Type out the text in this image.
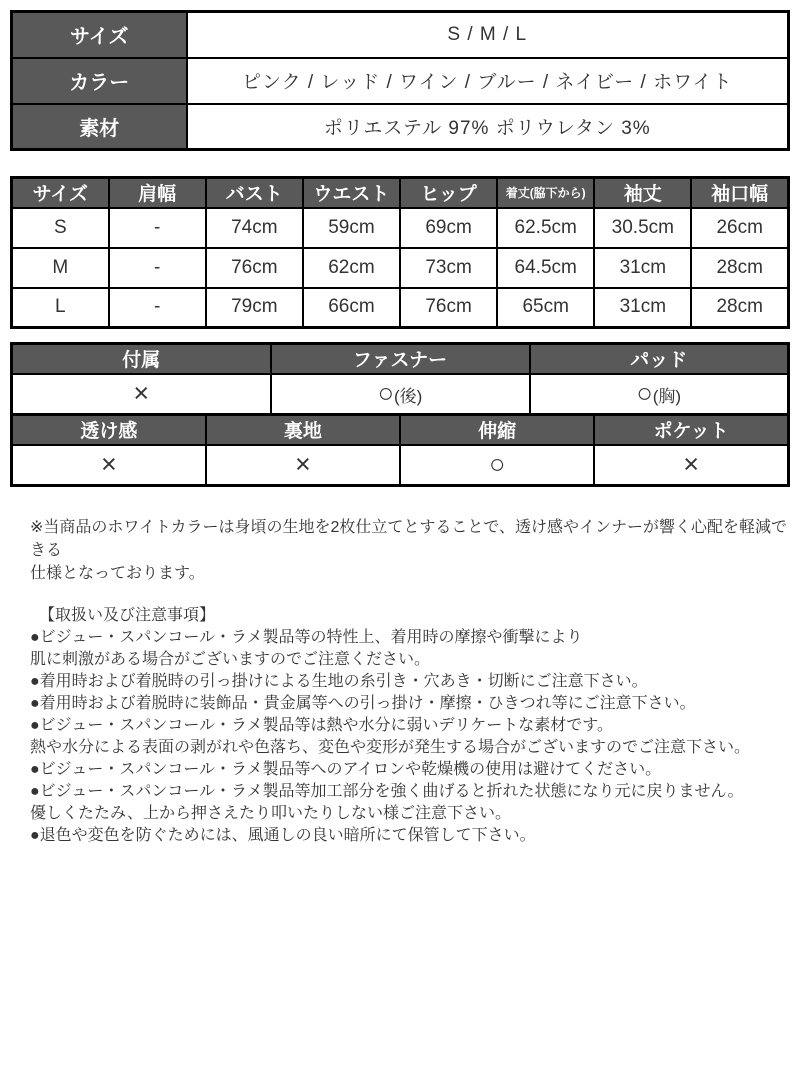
サイズ	S / M / L
カラー	ピンク / レッド / ワイン / ブルー / ネイビー / ホワイト
素材	ポリエステル 97% ポリウレタン 3%
サイズ	肩幅	バスト	ウエスト	ヒップ	着丈(脇下から)	袖丈	袖口幅
S	-	74cm	59cm	69cm	62.5cm	30.5cm	26cm
M	-	76cm	62cm	73cm	64.5cm	31cm	28cm
L	-	79cm	66cm	76cm	65cm	31cm	28cm
付属	ファスナー	パッド
×	○(後)	○(胸)
透け感	裏地	伸縮	ポケット
×	×	○	×
※当商品のホワイトカラーは身頃の生地を2枚仕立てとすることで、透け感やインナーが響く心配を軽減できる
仕様となっております。
【取扱い及び注意事項】
●ビジュー・スパンコール・ラメ製品等の特性上、着用時の摩擦や衝撃により
肌に刺激がある場合がございますのでご注意ください。
●着用時および着脱時の引っ掛けによる生地の糸引き・穴あき・切断にご注意下さい。
●着用時および着脱時に装飾品・貴金属等への引っ掛け・摩擦・ひきつれ等にご注意下さい。
●ビジュー・スパンコール・ラメ製品等は熱や水分に弱いデリケートな素材です。
熱や水分による表面の剥がれや色落ち、変色や変形が発生する場合がございますのでご注意下さい。
●ビジュー・スパンコール・ラメ製品等へのアイロンや乾燥機の使用は避けてください。
●ビジュー・スパンコール・ラメ製品等加工部分を強く曲げると折れた状態になり元に戻りません。
優しくたたみ、上から押さえたり叩いたりしない様ご注意下さい。
●退色や変色を防ぐためには、風通しの良い暗所にて保管して下さい。
